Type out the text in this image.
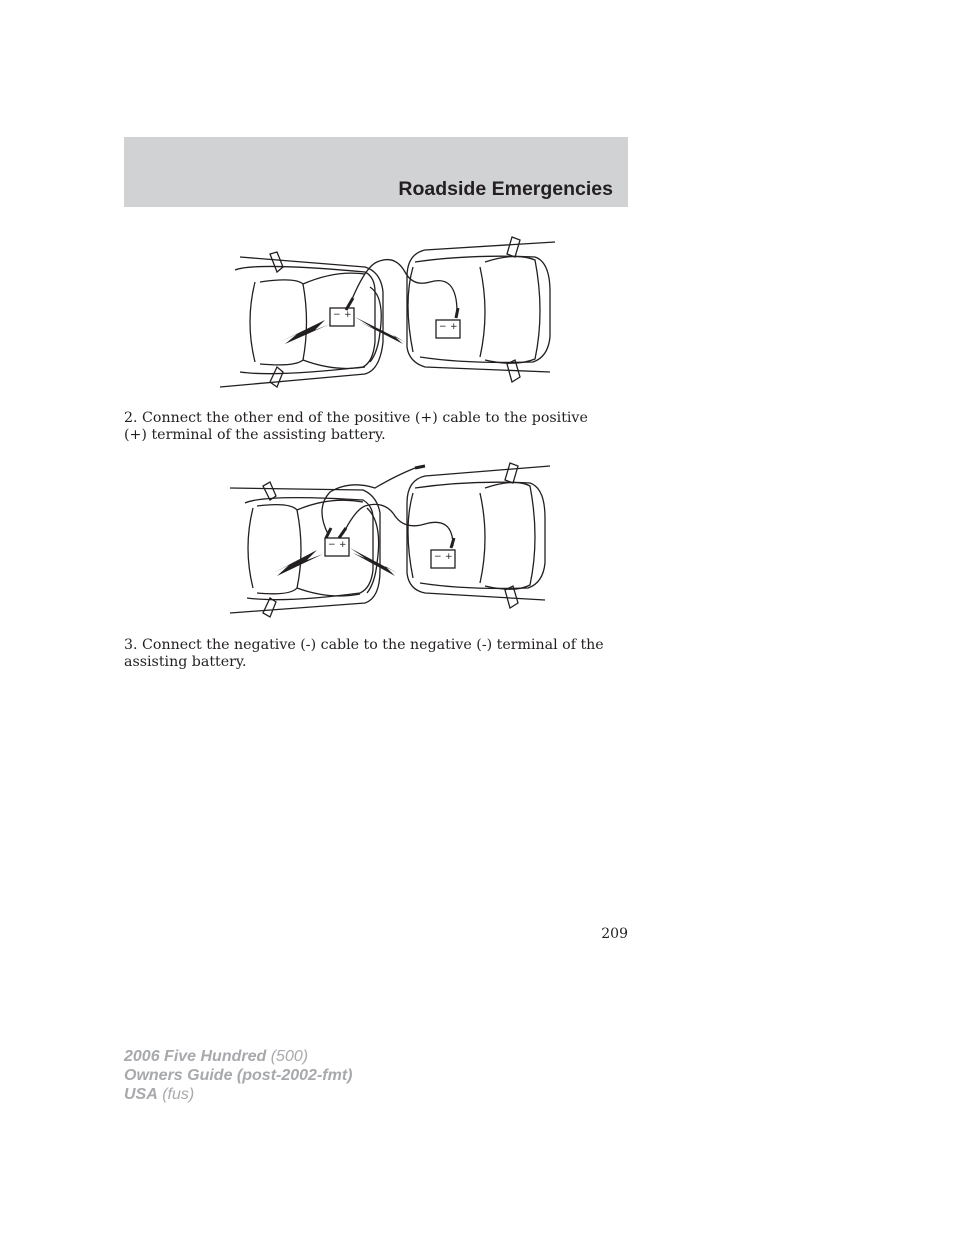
Roadside Emergencies
− +
− +

2. Connect the other end of the positive (+) cable to the positive (+) terminal of the assisting battery.

− +
− +

3. Connect the negative (-) cable to the negative (-) terminal of the assisting battery.

209
2006 Five Hundred (500)
Owners Guide (post-2002-fmt)
USA (fus)
